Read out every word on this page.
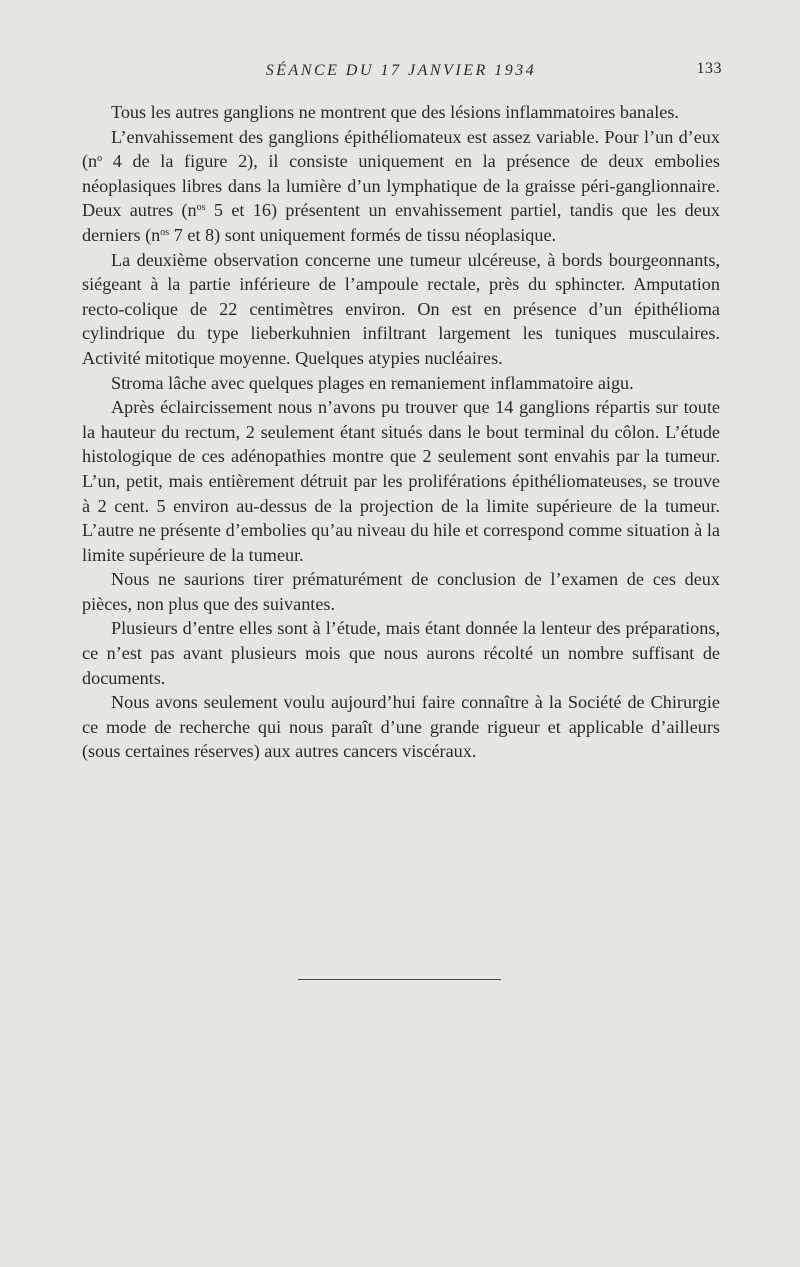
SÉANCE DU 17 JANVIER 1934	133

Tous les autres ganglions ne montrent que des lésions inflammatoires banales.

L’envahissement des ganglions épithéliomateux est assez variable. Pour l’un d’eux ($n^o$ 4 de la figure 2), il consiste uniquement en la présence de deux embolies néoplasiques libres dans la lumière d’un lymphatique de la graisse péri-ganglionnaire. Deux autres ($n^{os}$ 5 et 16) présentent un envahissement partiel, tandis que les deux derniers ($n^{os}$ 7 et 8) sont uniquement formés de tissu néoplasique.

La deuxième observation concerne une tumeur ulcéreuse, à bords bourgeonnants, siégeant à la partie inférieure de l’ampoule rectale, près du sphincter. Amputation recto-colique de 22 centimètres environ. On est en présence d’un épithélioma cylindrique du type lieberkuhnien infiltrant largement les tuniques musculaires. Activité mitotique moyenne. Quelques atypies nucléaires.

Stroma lâche avec quelques plages en remaniement inflammatoire aigu.

Après éclaircissement nous n’avons pu trouver que 14 ganglions répartis sur toute la hauteur du rectum, 2 seulement étant situés dans le bout terminal du côlon. L’étude histologique de ces adénopathies montre que 2 seulement sont envahis par la tumeur. L’un, petit, mais entièrement détruit par les proliférations épithéliomateuses, se trouve à 2 cent. 5 environ au-dessus de la projection de la limite supérieure de la tumeur. L’autre ne présente d’embolies qu’au niveau du hile et correspond comme situation à la limite supérieure de la tumeur.

Nous ne saurions tirer prématurément de conclusion de l’examen de ces deux pièces, non plus que des suivantes.

Plusieurs d’entre elles sont à l’étude, mais étant donnée la lenteur des préparations, ce n’est pas avant plusieurs mois que nous aurons récolté un nombre suffisant de documents.

Nous avons seulement voulu aujourd’hui faire connaître à la Société de Chirurgie ce mode de recherche qui nous paraît d’une grande rigueur et applicable d’ailleurs (sous certaines réserves) aux autres cancers viscéraux.
